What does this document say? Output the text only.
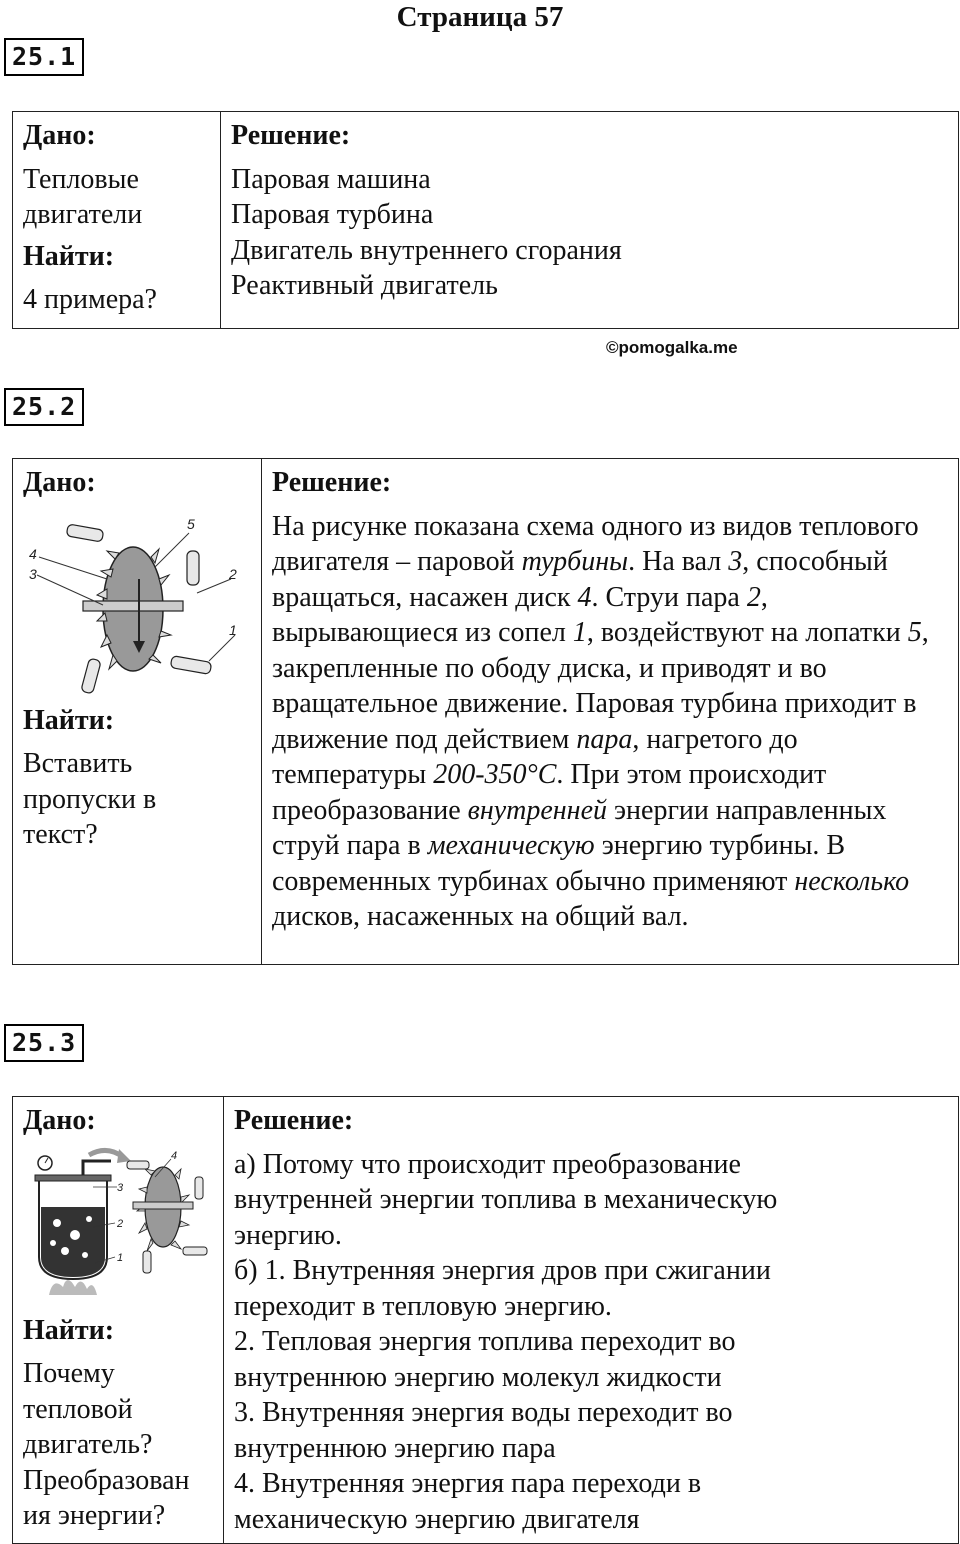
Страница 57
25.1
Дано:
Тепловые
двигатели
Найти:
4 примера?

Решение:
Паровая машина
Паровая турбина
Двигатель внутреннего сгорания
Реактивный двигатель
©pomogalka.me
25.2
Дано:
5
4
3	2
1
Найти:
Вставить
пропуски в
текст?

Решение:

На рисунке показана схема одного из видов теплового двигателя – паровой турбины. На вал 3, способный вращаться, насажен диск 4. Струи пара 2, вырывающиеся из сопел 1, воздействуют на лопатки 5, закрепленные по ободу диска, и приводят и во вращательное движение. Паровая турбина приходит в движение под действием пара, нагретого до температуры 200-350°С. При этом происходит преобразование внутренней энергии направленных струй пара в механическую энергию турбины. В современных турбинах обычно применяют несколько дисков, насаженных на общий вал.

25.3
Дано:
4
3
2
1
Найти:
Почему
тепловой
двигатель?
Преобразован
ия энергии?

Решение:
а) Потому что происходит преобразование
внутренней энергии топлива в механическую
энергию.
б) 1. Внутренняя энергия дров при сжигании
переходит в тепловую энергию.
2. Тепловая энергия топлива переходит во
внутреннюю энергию молекул жидкости
3. Внутренняя энергия воды переходит во
внутреннюю энергию пара
4. Внутренняя энергия пара переходи в
механическую энергию двигателя
